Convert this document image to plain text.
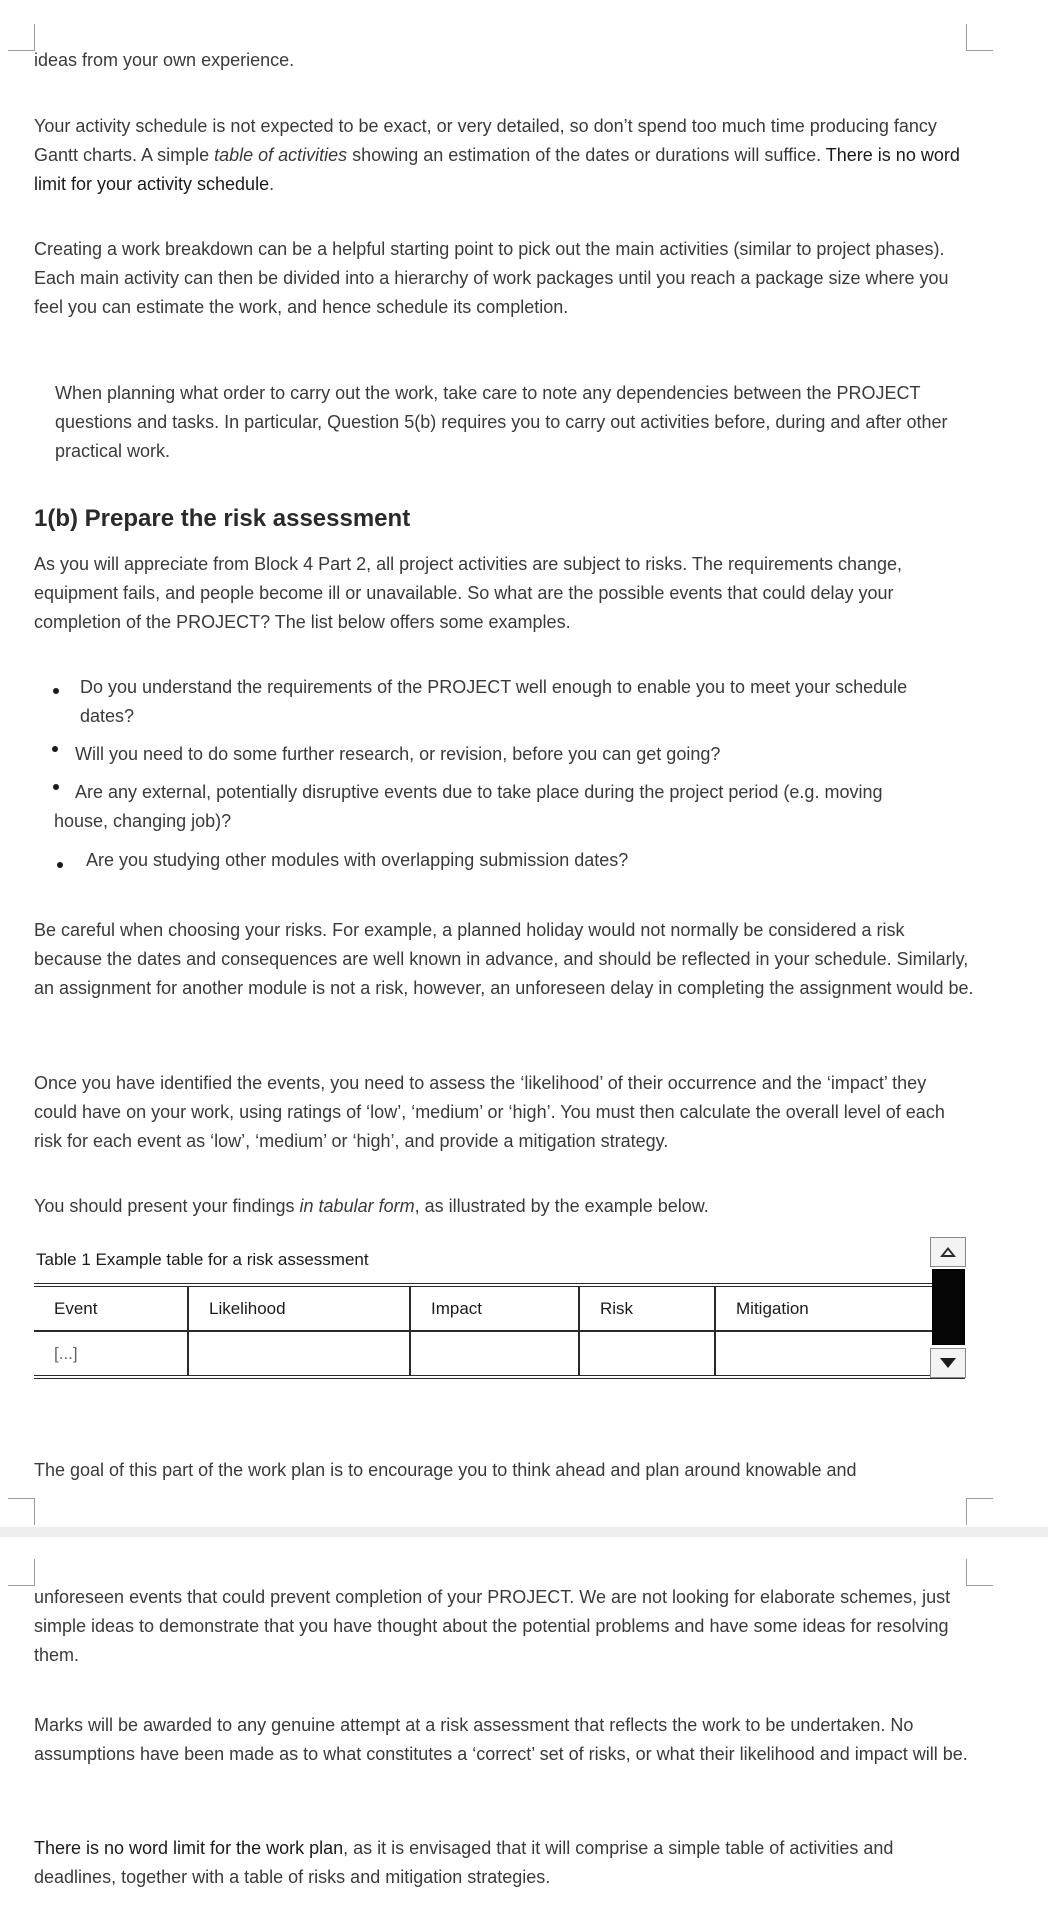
ideas from your own experience.

Your activity schedule is not expected to be exact, or very detailed, so don’t spend too much time producing fancy Gantt charts. A simple table of activities showing an estimation of the dates or durations will suffice. There is no word limit for your activity schedule.

Creating a work breakdown can be a helpful starting point to pick out the main activities (similar to project phases). Each main activity can then be divided into a hierarchy of work packages until you reach a package size where you feel you can estimate the work, and hence schedule its completion.

When planning what order to carry out the work, take care to note any dependencies between the PROJECT questions and tasks. In particular, Question 5(b) requires you to carry out activities before, during and after other practical work.

1(b) Prepare the risk assessment

As you will appreciate from Block 4 Part 2, all project activities are subject to risks. The requirements change, equipment fails, and people become ill or unavailable. So what are the possible events that could delay your completion of the PROJECT? The list below offers some examples.

Do you understand the requirements of the PROJECT well enough to enable you to meet your schedule dates?

Will you need to do some further research, or revision, before you can get going?

Are any external, potentially disruptive events due to take place during the project period (e.g. moving house, changing job)?

Are you studying other modules with overlapping submission dates?

Be careful when choosing your risks. For example, a planned holiday would not normally be considered a risk because the dates and consequences are well known in advance, and should be reflected in your schedule. Similarly, an assignment for another module is not a risk, however, an unforeseen delay in completing the assignment would be.

Once you have identified the events, you need to assess the ‘likelihood’ of their occurrence and the ‘impact’ they could have on your work, using ratings of ‘low’, ‘medium’ or ‘high’. You must then calculate the overall level of each risk for each event as ‘low’, ‘medium’ or ‘high’, and provide a mitigation strategy.

You should present your findings in tabular form, as illustrated by the example below.

Table 1 Example table for a risk assessment
Event	Likelihood	Impact	Risk	Mitigation
[...]				

The goal of this part of the work plan is to encourage you to think ahead and plan around knowable and

unforeseen events that could prevent completion of your PROJECT. We are not looking for elaborate schemes, just simple ideas to demonstrate that you have thought about the potential problems and have some ideas for resolving them.

Marks will be awarded to any genuine attempt at a risk assessment that reflects the work to be undertaken. No assumptions have been made as to what constitutes a ‘correct’ set of risks, or what their likelihood and impact will be.

There is no word limit for the work plan, as it is envisaged that it will comprise a simple table of activities and deadlines, together with a table of risks and mitigation strategies.
